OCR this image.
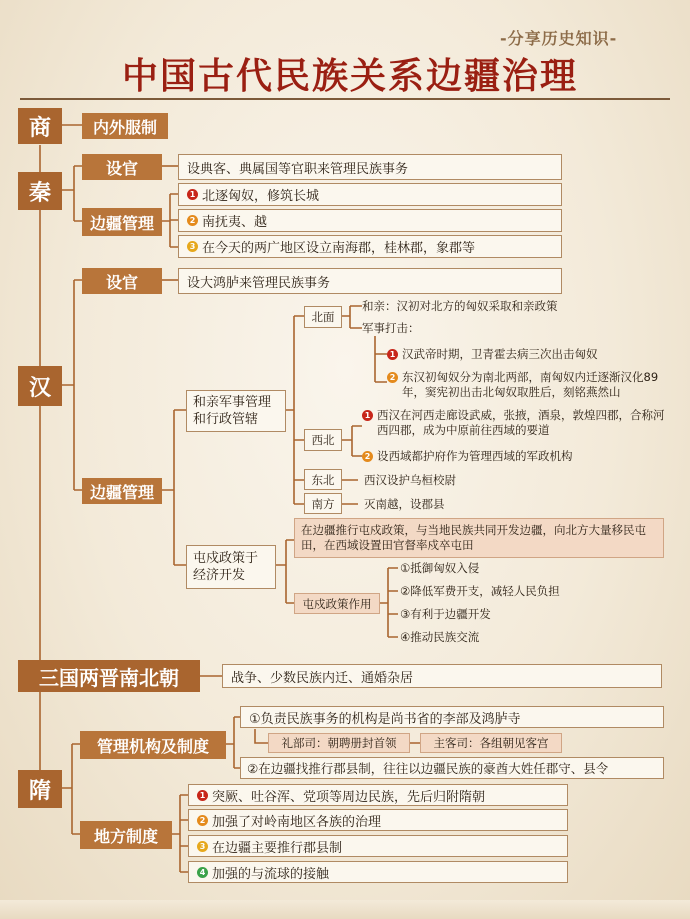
-分享历史知识-
中国古代民族关系边疆治理
商	内外服制
秦
设官	设典客、典属国等官职来管理民族事务
边疆管理
1 北逐匈奴，修筑长城
2 南抚夷、越
3 在今天的两广地区设立南海郡，桂林郡，象郡等
汉
设官	设大鸿胪来管理民族事务
边疆管理
和亲军事管理和行政管辖
北面
和亲：汉初对北方的匈奴采取和亲政策
军事打击：
1 汉武帝时期，卫青霍去病三次出击匈奴
2 东汉初匈奴分为南北两部，南匈奴内迁逐渐汉化89年，窦宪初出击北匈奴取胜后，刻铭燕然山
西北
1 西汉在河西走廊设武威，张掖，酒泉，敦煌四郡，合称河西四郡，成为中原前往西域的要道
2 设西域都护府作为管理西域的军政机构
东北	西汉设护乌桓校尉
南方	灭南越，设郡县
屯戍政策于经济开发
在边疆推行屯戍政策，与当地民族共同开发边疆，向北方大量移民屯田，在西域设置田官督率戍卒屯田
屯戍政策作用
①抵御匈奴入侵
②降低军费开支，减轻人民负担
③有利于边疆开发
④推动民族交流
三国两晋南北朝	战争、少数民族内迁、通婚杂居
隋
管理机构及制度
①负责民族事务的机构是尚书省的李部及鸿胪寺
礼部司：朝聘册封首领	主客司：各组朝见客宫
②在边疆找推行郡县制，往往以边疆民族的豪酋大姓任郡守、县令
地方制度
1 突厥、吐谷浑、党项等周边民族，先后归附隋朝
2 加强了对岭南地区各族的治理
3 在边疆主要推行郡县制
4 加强的与流球的接触
